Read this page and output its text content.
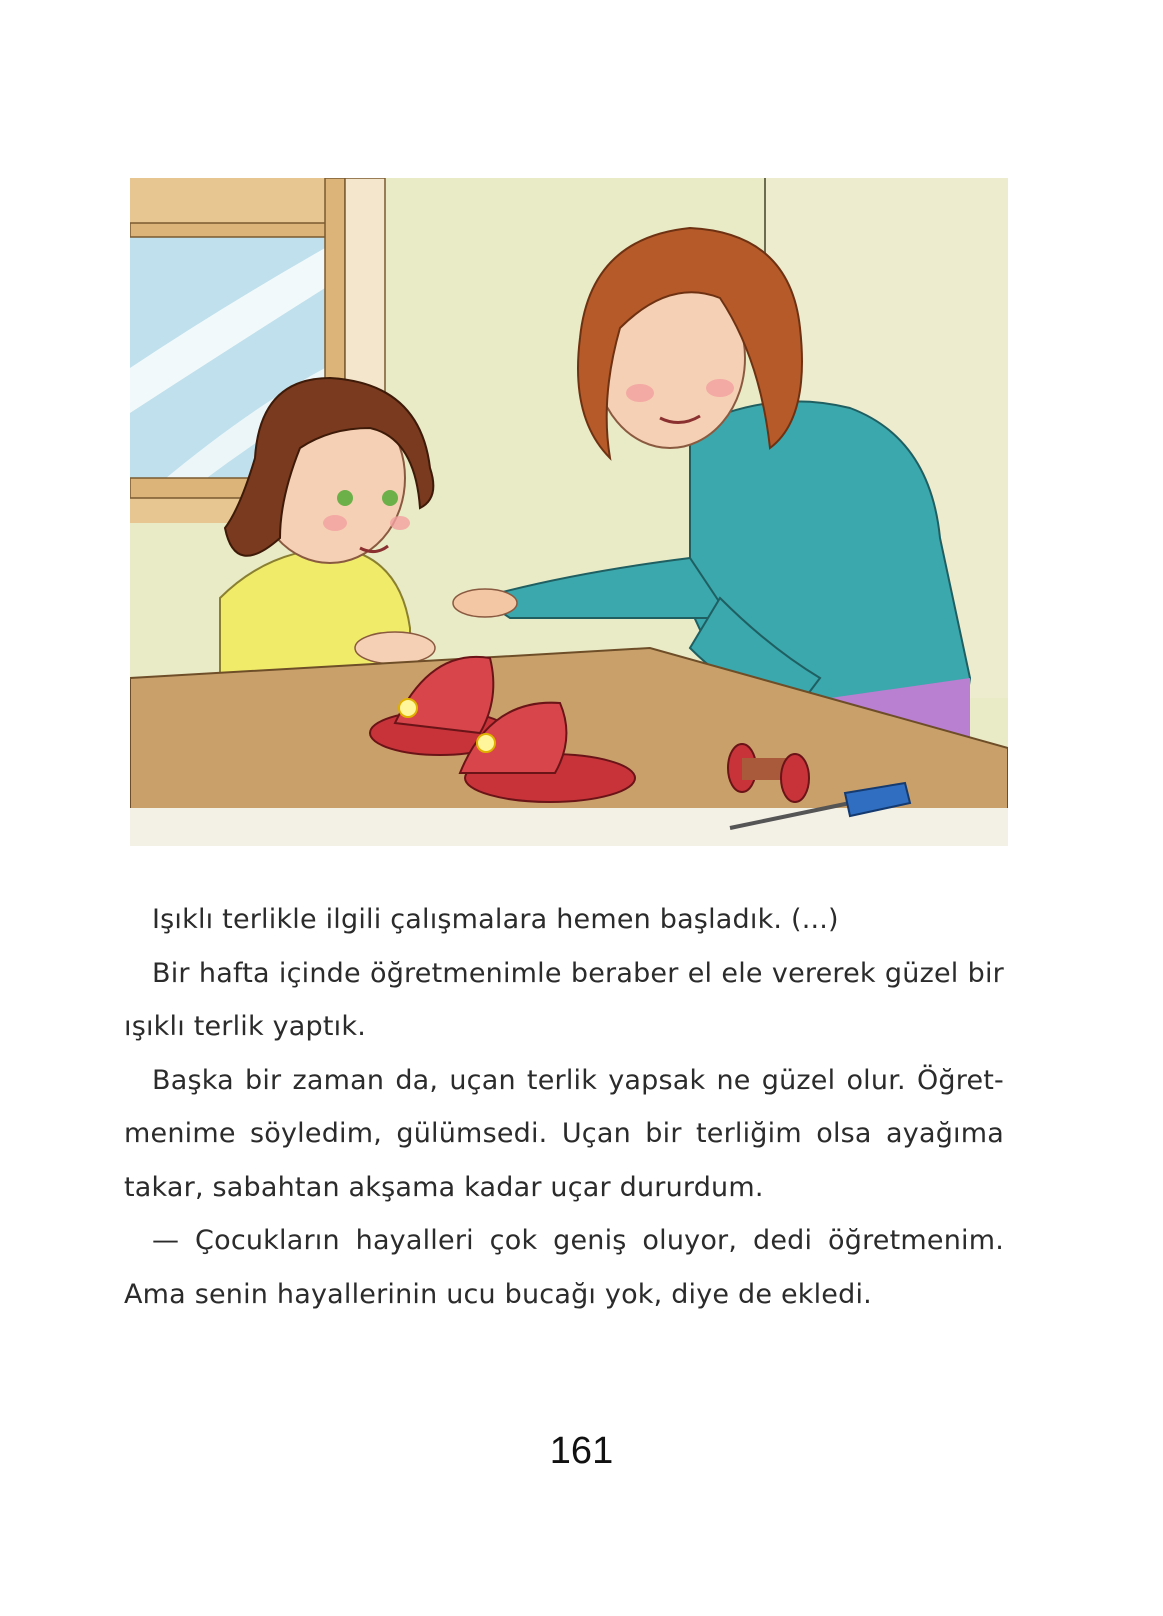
Işıklı terlikle ilgili çalışmalara hemen başladık. (...)

Bir hafta içinde öğretmenimle beraber el ele vererek güzel bir ışıklı terlik yaptık.

Başka bir zaman da, uçan terlik yapsak ne güzel olur. Öğret-menime söyledim, gülümsedi. Uçan bir terliğim olsa ayağıma takar, sabahtan akşama kadar uçar dururdum.

— Çocukların hayalleri çok geniş oluyor, dedi öğretmenim. Ama senin hayallerinin ucu bucağı yok, diye de ekledi.

161
